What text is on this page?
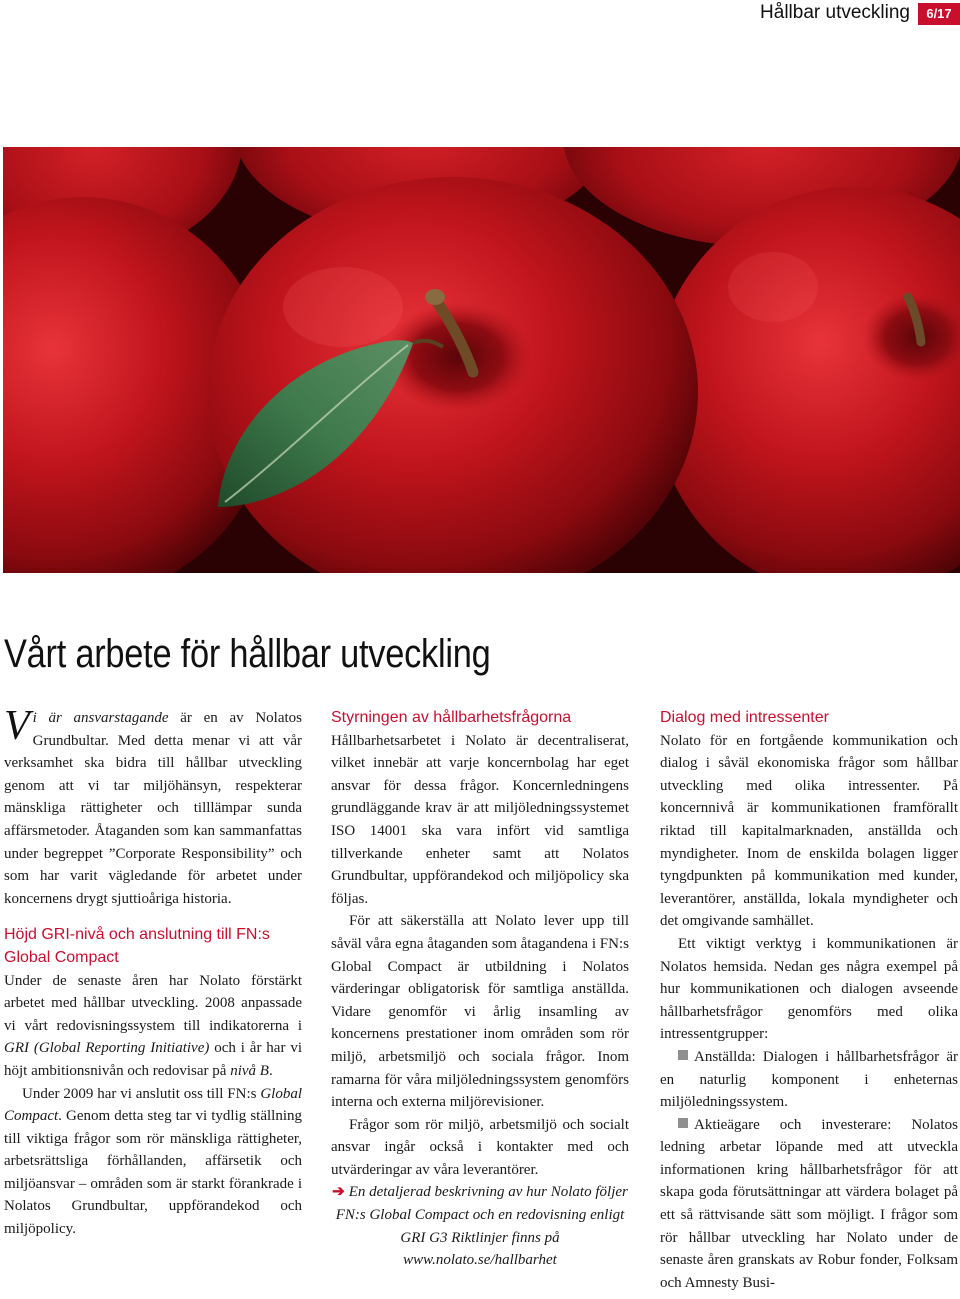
Hållbar utveckling	6/17
Vårt arbete för hållbar utveckling

Vi är ansvarstagande är en av Nolatos Grundbultar. Med detta menar vi att vår verksamhet ska bidra till hållbar utveckling genom att vi tar miljöhänsyn, respekterar mänskliga rättigheter och tilllämpar sunda affärsmetoder. Åtaganden som kan sammanfattas under begreppet ”Corporate Responsibility” och som har varit vägledande för arbetet under koncernens drygt sjuttioåriga historia.

Höjd GRI-nivå och anslutning till FN:s Global Compact

Under de senaste åren har Nolato förstärkt arbetet med hållbar utveckling. 2008 anpassade vi vårt redovisningssystem till indikatorerna i GRI (Global Reporting Initiative) och i år har vi höjt ambitionsnivån och redovisar på nivå B.

Under 2009 har vi anslutit oss till FN:s Global Compact. Genom detta steg tar vi tydlig ställning till viktiga frågor som rör mänskliga rättigheter, arbetsrättsliga förhållanden, affärsetik och miljöansvar – områden som är starkt förankrade i Nolatos Grundbultar, uppförandekod och miljöpolicy.

Styrningen av hållbarhetsfrågorna

Hållbarhetsarbetet i Nolato är decentraliserat, vilket innebär att varje koncernbolag har eget ansvar för dessa frågor. Koncernledningens grundläggande krav är att miljöledningssystemet ISO 14001 ska vara infört vid samtliga tillverkande enheter samt att Nolatos Grundbultar, uppförandekod och miljöpolicy ska följas.

För att säkerställa att Nolato lever upp till såväl våra egna åtaganden som åtagandena i FN:s Global Compact är utbildning i Nolatos värderingar obligatorisk för samtliga anställda. Vidare genomför vi årlig insamling av koncernens prestationer inom områden som rör miljö, arbetsmiljö och sociala frågor. Inom ramarna för våra miljöledningssystem genomförs interna och externa miljörevisioner.

Frågor som rör miljö, arbetsmiljö och socialt ansvar ingår också i kontakter med och utvärderingar av våra leverantörer.

➔ En detaljerad beskrivning av hur Nolato följer FN:s Global Compact och en redovisning enligt GRI G3 Riktlinjer finns på www.nolato.se/hallbarhet

Dialog med intressenter

Nolato för en fortgående kommunikation och dialog i såväl ekonomiska frågor som hållbar utveckling med olika intressenter. På koncernnivå är kommunikationen framförallt riktad till kapitalmarknaden, anställda och myndigheter. Inom de enskilda bolagen ligger tyngdpunkten på kommunikation med kunder, leverantörer, anställda, lokala myndigheter och det omgivande samhället.

Ett viktigt verktyg i kommunikationen är Nolatos hemsida. Nedan ges några exempel på hur kommunikationen och dialogen avseende hållbarhetsfrågor genomförs med olika intressentgrupper:

Anställda: Dialogen i hållbarhetsfrågor är en naturlig komponent i enheternas miljöledningssystem.

Aktieägare och investerare: Nolatos ledning arbetar löpande med att utveckla informationen kring hållbarhetsfrågor för att skapa goda förutsättningar att värdera bolaget på ett så rättvisande sätt som möjligt. I frågor som rör hållbar utveckling har Nolato under de senaste åren granskats av Robur fonder, Folksam och Amnesty Busi-
